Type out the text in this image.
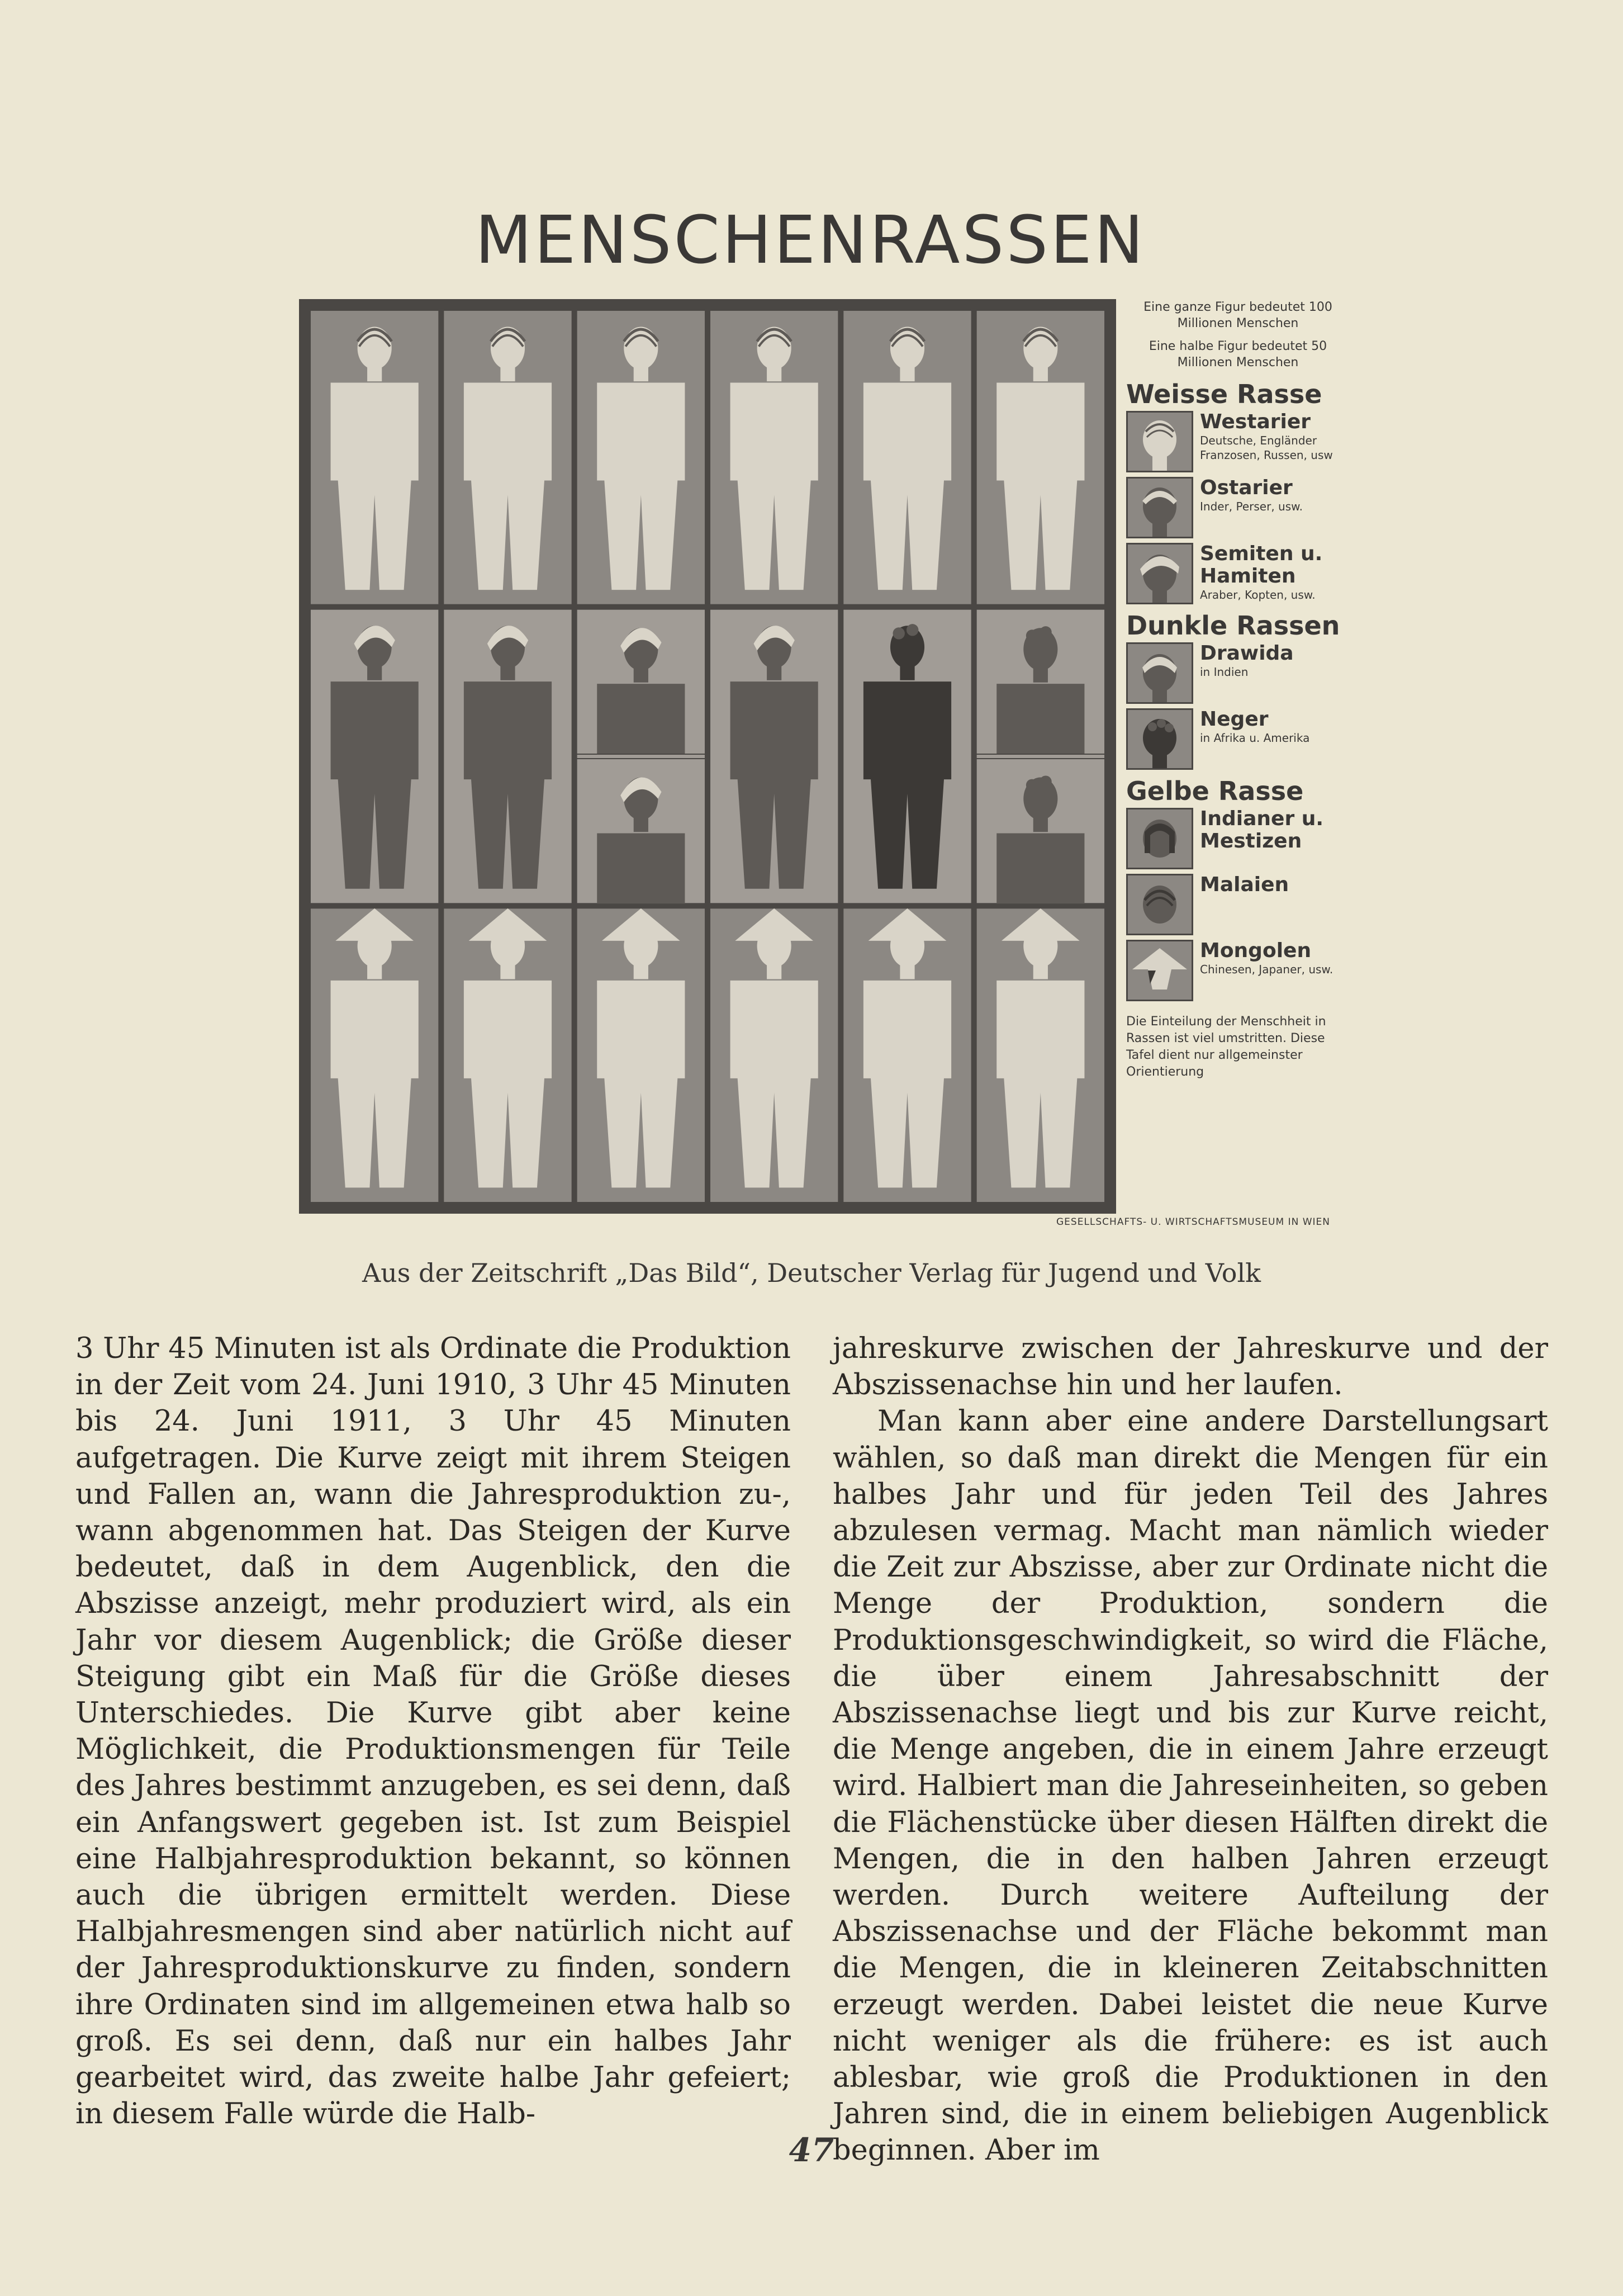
MENSCHENRASSEN

Eine ganze Figur bedeutet 100 Millionen Menschen

Eine halbe Figur bedeutet 50 Millionen Menschen

Weisse Rasse

Westarier
Deutsche, Engländer Franzosen, Russen, usw
Ostarier
Inder, Perser, usw.
Semiten u. Hamiten
Araber, Kopten, usw.

Dunkle Rassen

Drawida
in Indien
Neger
in Afrika u. Amerika

Gelbe Rasse

Indianer u. Mestizen
Malaien
Mongolen
Chinesen, Japaner, usw.

Die Einteilung der Menschheit in Rassen ist viel umstritten. Diese Tafel dient nur allgemeinster Orientierung

GESELLSCHAFTS- U. WIRTSCHAFTSMUSEUM IN WIEN

Aus der Zeitschrift „Das Bild“, Deutscher Verlag für Jugend und Volk

3 Uhr 45 Minuten ist als Ordinate die Produktion in der Zeit vom 24. Juni 1910, 3 Uhr 45 Minuten bis 24. Juni 1911, 3 Uhr 45 Minuten aufgetragen. Die Kurve zeigt mit ihrem Steigen und Fallen an, wann die Jahresproduktion zu-, wann abgenommen hat. Das Steigen der Kurve bedeutet, daß in dem Augenblick, den die Abszisse anzeigt, mehr produziert wird, als ein Jahr vor diesem Augenblick; die Größe dieser Steigung gibt ein Maß für die Größe dieses Unterschiedes. Die Kurve gibt aber keine Möglichkeit, die Produktionsmengen für Teile des Jahres bestimmt anzugeben, es sei denn, daß ein Anfangswert gegeben ist. Ist zum Beispiel eine Halbjahresproduktion bekannt, so können auch die übrigen ermittelt werden. Diese Halbjahresmengen sind aber natürlich nicht auf der Jahresproduktionskurve zu finden, sondern ihre Ordinaten sind im allgemeinen etwa halb so groß. Es sei denn, daß nur ein halbes Jahr gearbeitet wird, das zweite halbe Jahr gefeiert; in diesem Falle würde die Halb-

jahreskurve zwischen der Jahreskurve und der Abszissenachse hin und her laufen.

Man kann aber eine andere Darstellungsart wählen, so daß man direkt die Mengen für ein halbes Jahr und für jeden Teil des Jahres abzulesen vermag. Macht man nämlich wieder die Zeit zur Abszisse, aber zur Ordinate nicht die Menge der Produktion, sondern die Produktionsgeschwindigkeit, so wird die Fläche, die über einem Jahresabschnitt der Abszissenachse liegt und bis zur Kurve reicht, die Menge angeben, die in einem Jahre erzeugt wird. Halbiert man die Jahreseinheiten, so geben die Flächenstücke über diesen Hälften direkt die Mengen, die in den halben Jahren erzeugt werden. Durch weitere Aufteilung der Abszissenachse und der Fläche bekommt man die Mengen, die in kleineren Zeitabschnitten erzeugt werden. Dabei leistet die neue Kurve nicht weniger als die frühere: es ist auch ablesbar, wie groß die Produktionen in den Jahren sind, die in einem beliebigen Augenblick beginnen. Aber im

47
